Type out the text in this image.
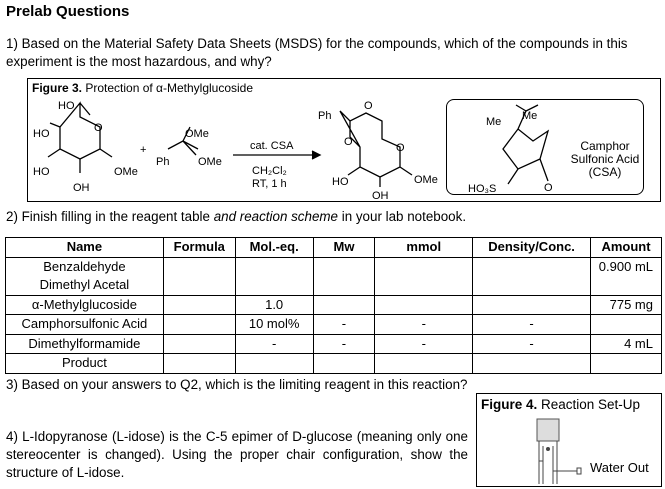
Prelab Questions
1) Based on the Material Safety Data Sheets (MSDS) for the compounds, which of the compounds in this experiment is the most hazardous, and why?
Figure 3. Protection of α-Methylglucoside
HO
HO
HO
OH
O
OMe
+
OMe
Ph	OMe
cat. CSA
CH₂Cl₂
RT, 1 h
Ph
O
O	O
HO
OH
OMe
Me Me
HO₃S	O
Camphor
Sulfonic Acid
(CSA)
2) Finish filling in the reagent table and reaction scheme in your lab notebook.
Name	Formula	Mol.-eq.	Mw	mmol	Density/Conc.	Amount
Benzaldehyde						0.900 mL
Dimethyl Acetal						
α-Methylglucoside		1.0				775 mg
Camphorsulfonic Acid		10 mol%	-	-	-	
Dimethylformamide		-	-	-	-	4 mL
Product						
3) Based on your answers to Q2, which is the limiting reagent in this reaction?
4) L-Idopyranose (L-idose) is the C-5 epimer of D-glucose (meaning only one stereocenter is changed). Using the proper chair configuration, show the structure of L-idose.
Figure 4. Reaction Set-Up
Water Out
